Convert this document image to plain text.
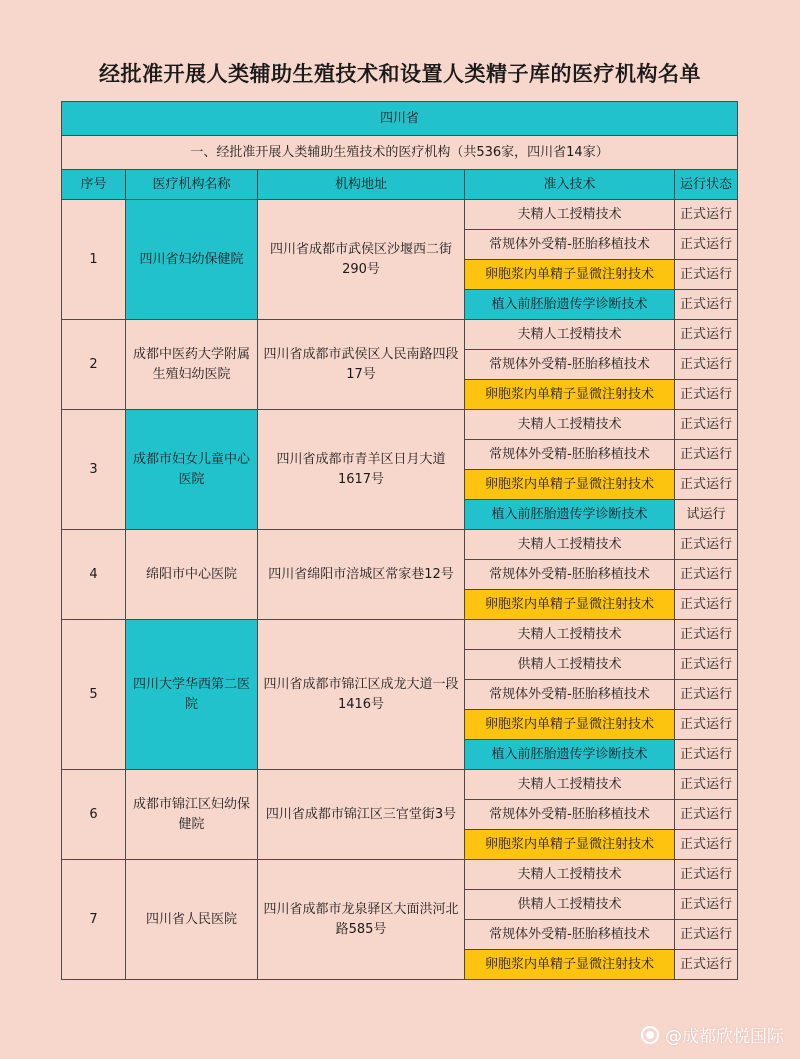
经批准开展人类辅助生殖技术和设置人类精子库的医疗机构名单
四川省				
一、经批准开展人类辅助生殖技术的医疗机构（共536家，四川省14家）				
序号	医疗机构名称	机构地址	准入技术	运行状态
1	四川省妇幼保健院	四川省成都市武侯区沙堰西二街290号	夫精人工授精技术	正式运行
			常规体外受精-胚胎移植技术	正式运行
			卵胞浆内单精子显微注射技术	正式运行
			植入前胚胎遗传学诊断技术	正式运行
2	成都中医药大学附属生殖妇幼医院	四川省成都市武侯区人民南路四段17号	夫精人工授精技术	正式运行
			常规体外受精-胚胎移植技术	正式运行
			卵胞浆内单精子显微注射技术	正式运行
3	成都市妇女儿童中心医院	四川省成都市青羊区日月大道1617号	夫精人工授精技术	正式运行
			常规体外受精-胚胎移植技术	正式运行
			卵胞浆内单精子显微注射技术	正式运行
			植入前胚胎遗传学诊断技术	试运行
4	绵阳市中心医院	四川省绵阳市涪城区常家巷12号	夫精人工授精技术	正式运行
			常规体外受精-胚胎移植技术	正式运行
			卵胞浆内单精子显微注射技术	正式运行
5	四川大学华西第二医院	四川省成都市锦江区成龙大道一段1416号	夫精人工授精技术	正式运行
			供精人工授精技术	正式运行
			常规体外受精-胚胎移植技术	正式运行
			卵胞浆内单精子显微注射技术	正式运行
			植入前胚胎遗传学诊断技术	正式运行
6	成都市锦江区妇幼保健院	四川省成都市锦江区三官堂街3号	夫精人工授精技术	正式运行
			常规体外受精-胚胎移植技术	正式运行
			卵胞浆内单精子显微注射技术	正式运行
7	四川省人民医院	四川省成都市龙泉驿区大面洪河北路585号	夫精人工授精技术	正式运行
			供精人工授精技术	正式运行
			常规体外受精-胚胎移植技术	正式运行
			卵胞浆内单精子显微注射技术	正式运行
@成都欣悦国际
